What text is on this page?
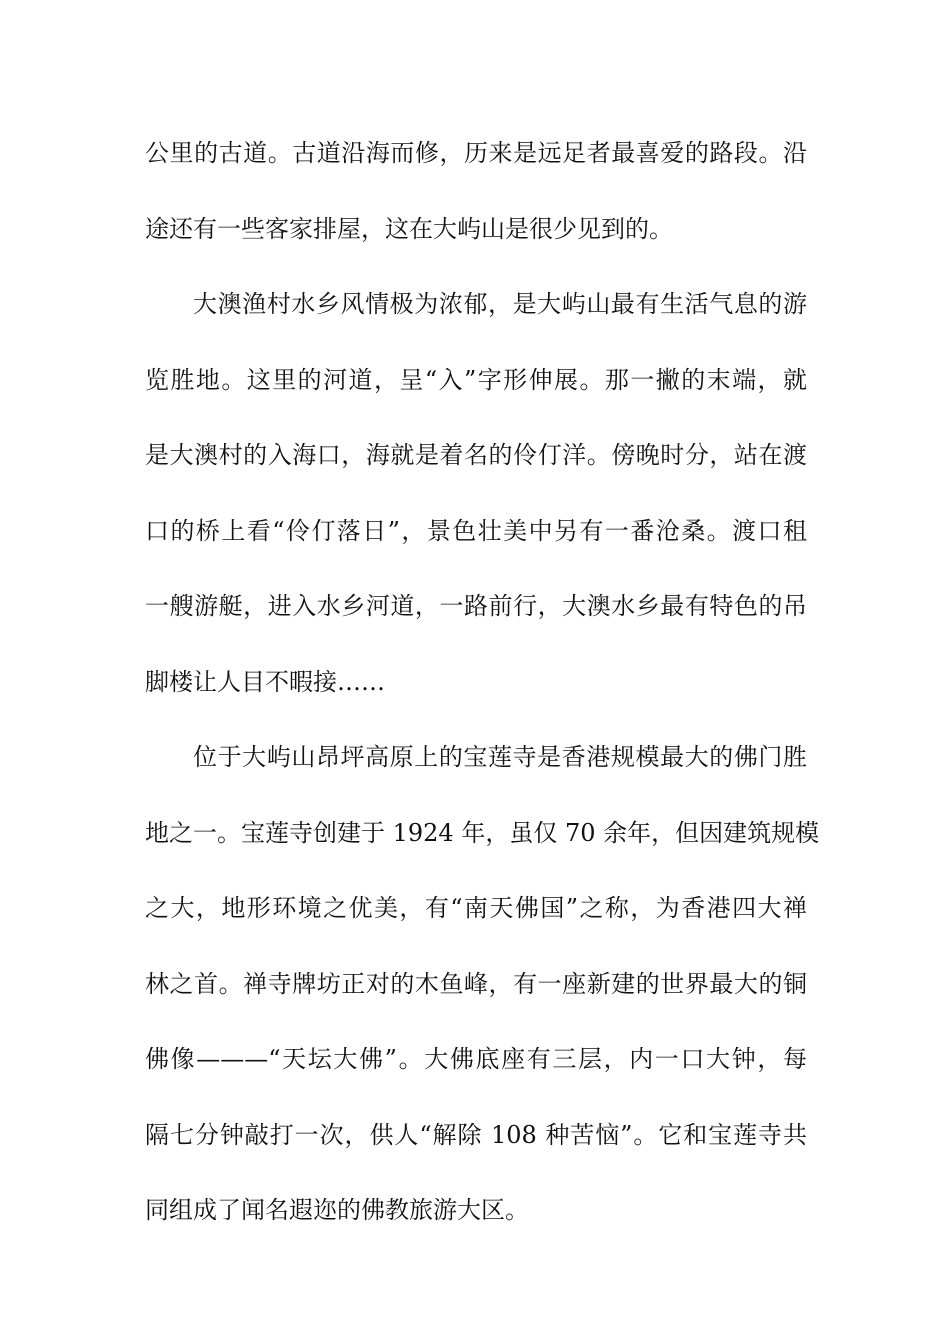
公里的古道。古道沿海而修，历来是远足者最喜爱的路段。沿
途还有一些客家排屋，这在大屿山是很少见到的。

大澳渔村水乡风情极为浓郁，是大屿山最有生活气息的游
览胜地。这里的河道，呈“入”字形伸展。那一撇的末端，就
是大澳村的入海口，海就是着名的伶仃洋。傍晚时分，站在渡
口的桥上看“伶仃落日”，景色壮美中另有一番沧桑。渡口租
一艘游艇，进入水乡河道，一路前行，大澳水乡最有特色的吊
脚楼让人目不暇接……

位于大屿山昂坪高原上的宝莲寺是香港规模最大的佛门胜
地之一。宝莲寺创建于 1924 年，虽仅 70 余年，但因建筑规模
之大，地形环境之优美，有“南天佛国”之称，为香港四大禅
林之首。禅寺牌坊正对的木鱼峰，有一座新建的世界最大的铜
佛像———“天坛大佛”。大佛底座有三层，内一口大钟，每
隔七分钟敲打一次，供人“解除 108 种苦恼”。它和宝莲寺共
同组成了闻名遐迩的佛教旅游大区。
